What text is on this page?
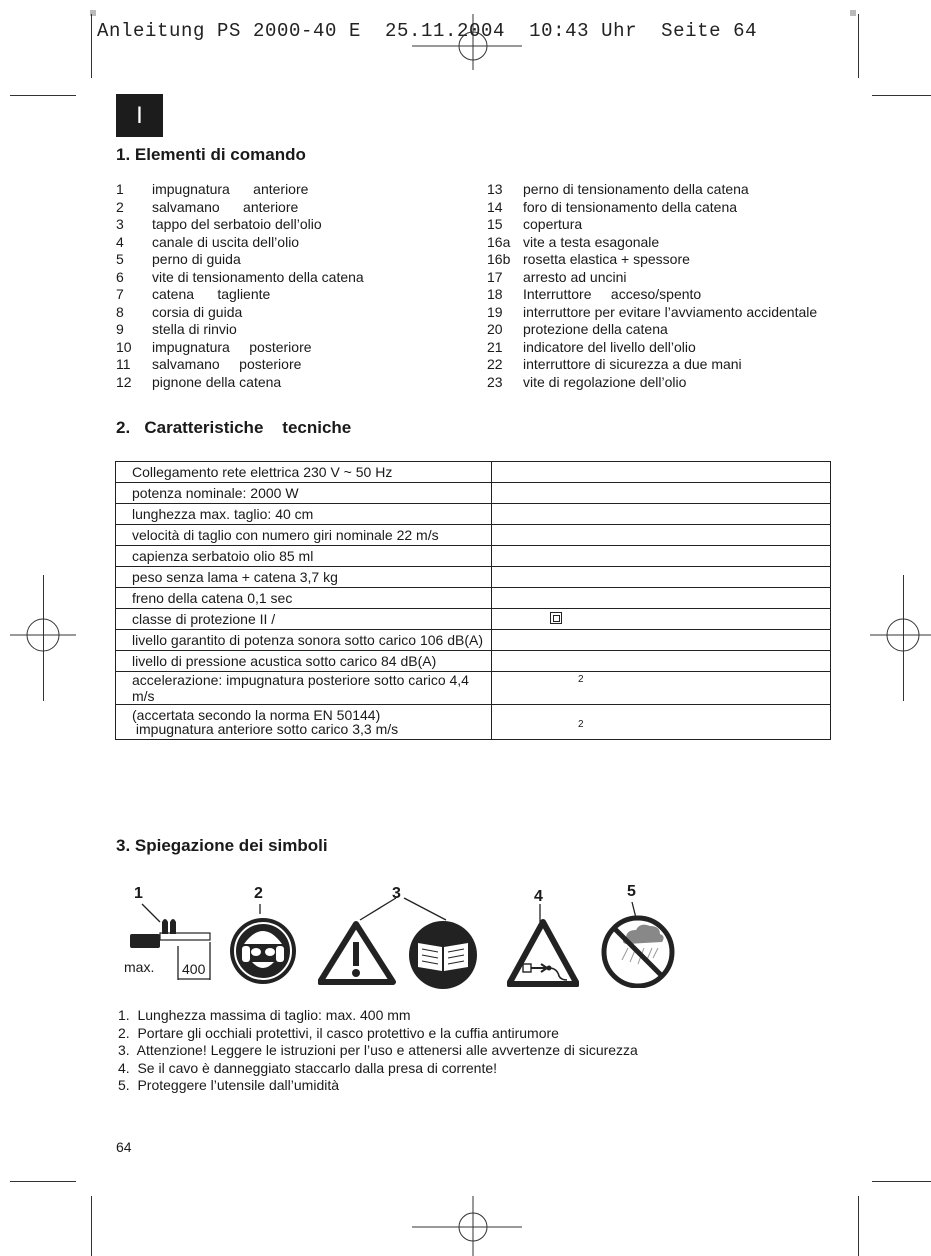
Anleitung PS 2000-40 E  25.11.2004  10:43 Uhr  Seite 64
I
1. Elementi di comando
1	impugnatura      anteriore
2	salvamano      anteriore
3	tappo del serbatoio dell’olio
4	canale di uscita dell’olio
5	perno di guida
6	vite di tensionamento della catena
7	catena      tagliente
8	corsia di guida
9	stella di rinvio
10	impugnatura     posteriore
11	salvamano     posteriore
12	pignone della catena
13	perno di tensionamento della catena
14	foro di tensionamento della catena
15	copertura
16a vite a testa esagonale
16b rosetta elastica + spessore
17	arresto ad uncini
18	Interruttore     acceso/spento
19	interruttore per evitare l’avviamento accidentale
20	protezione della catena
21	indicatore del livello dell’olio
22	interruttore di sicurezza a due mani
23	vite di regolazione dell’olio
2.   Caratteristiche    tecniche
Collegamento rete elettrica 230 V ~ 50 Hz	
potenza nominale: 2000 W	
lunghezza max. taglio: 40 cm	
velocità di taglio con numero giri nominale 22 m/s	
capienza serbatoio olio 85 ml	
peso senza lama + catena 3,7 kg	
freno della catena 0,1 sec	
classe di protezione II /	

livello garantito di potenza sonora sotto carico 106 dB(A)	
livello di pressione acustica sotto carico 84 dB(A)	
accelerazione: impugnatura posteriore sotto carico 4,4 m/s	2

(accertata secondo la norma EN 50144)
impugnatura anteriore sotto carico 3,3 m/s	2
3. Spiegazione dei simboli
1	2	3	4	5
max. 400
1.  Lunghezza massima di taglio: max. 400 mm
2.  Portare gli occhiali protettivi, il casco protettivo e la cuffia antirumore
3.  Attenzione! Leggere le istruzioni per l’uso e attenersi alle avvertenze di sicurezza
4.  Se il cavo è danneggiato staccarlo dalla presa di corrente!
5.  Proteggere l’utensile dall’umidità
64
